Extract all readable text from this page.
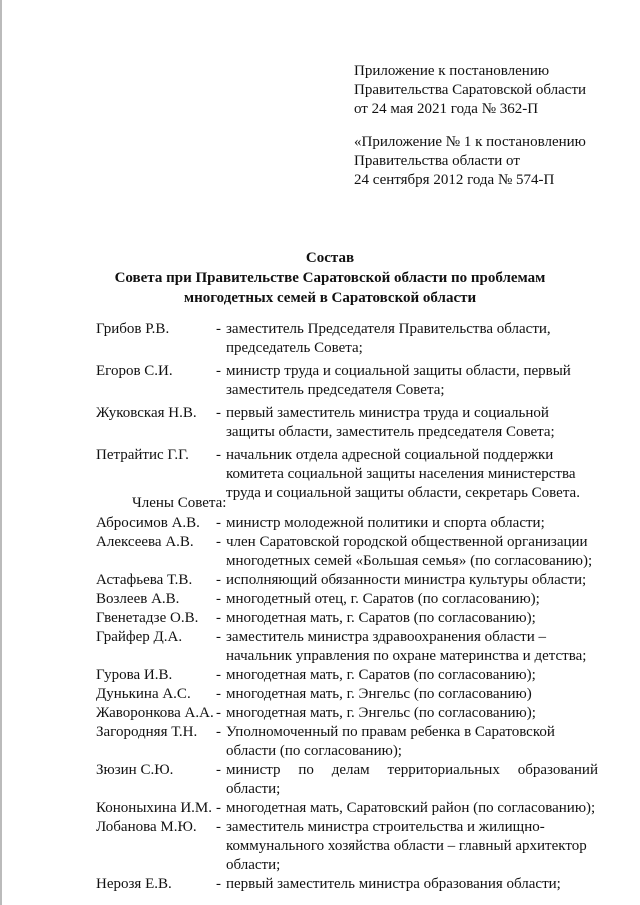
Приложение к постановлению
Правительства Саратовской области
от 24 мая 2021 года № 362-П
«Приложение № 1 к постановлению
Правительства области от
24 сентября 2012 года № 574-П
Состав
Совета при Правительстве Саратовской области по проблемам
многодетных семей в Саратовской области
Грибов Р.В.	- заместитель Председателя Правительства области,
председатель Совета;
Егоров С.И.	- министр труда и социальной защиты области, первый
заместитель председателя Совета;
Жуковская Н.В.	- первый заместитель министра труда и социальной
защиты области, заместитель председателя Совета;
Петрайтис Г.Г.	- начальник отдела адресной социальной поддержки
комитета социальной защиты населения министерства
труда и социальной защиты области, секретарь Совета.
Члены Совета:
Абросимов А.В.	- министр молодежной политики и спорта области;
Алексеева А.В.	- член Саратовской городской общественной организации
многодетных семей «Большая семья» (по согласованию);
Астафьева Т.В.	- исполняющий обязанности министра культуры области;
Возлеев А.В.	- многодетный отец, г. Саратов (по согласованию);
Гвенетадзе О.В.	- многодетная мать, г. Саратов (по согласованию);
Грайфер Д.А.	- заместитель министра здравоохранения области –
начальник управления по охране материнства и детства;
Гурова И.В.	- многодетная мать, г. Саратов (по согласованию);
Дунькина А.С.	- многодетная мать, г. Энгельс (по согласованию)
Жаворонкова А.А. - многодетная мать, г. Энгельс (по согласованию);
Загородняя Т.Н.	- Уполномоченный по правам ребенка в Саратовской
области (по согласованию);
Зюзин С.Ю.	- министр по делам территориальных образований области;
Кононыхина И.М. - многодетная мать, Саратовский район (по согласованию);
Лобанова М.Ю.	- заместитель министра строительства и жилищно-
коммунального хозяйства области – главный архитектор
области;
Нерозя Е.В.	- первый заместитель министра образования области;
